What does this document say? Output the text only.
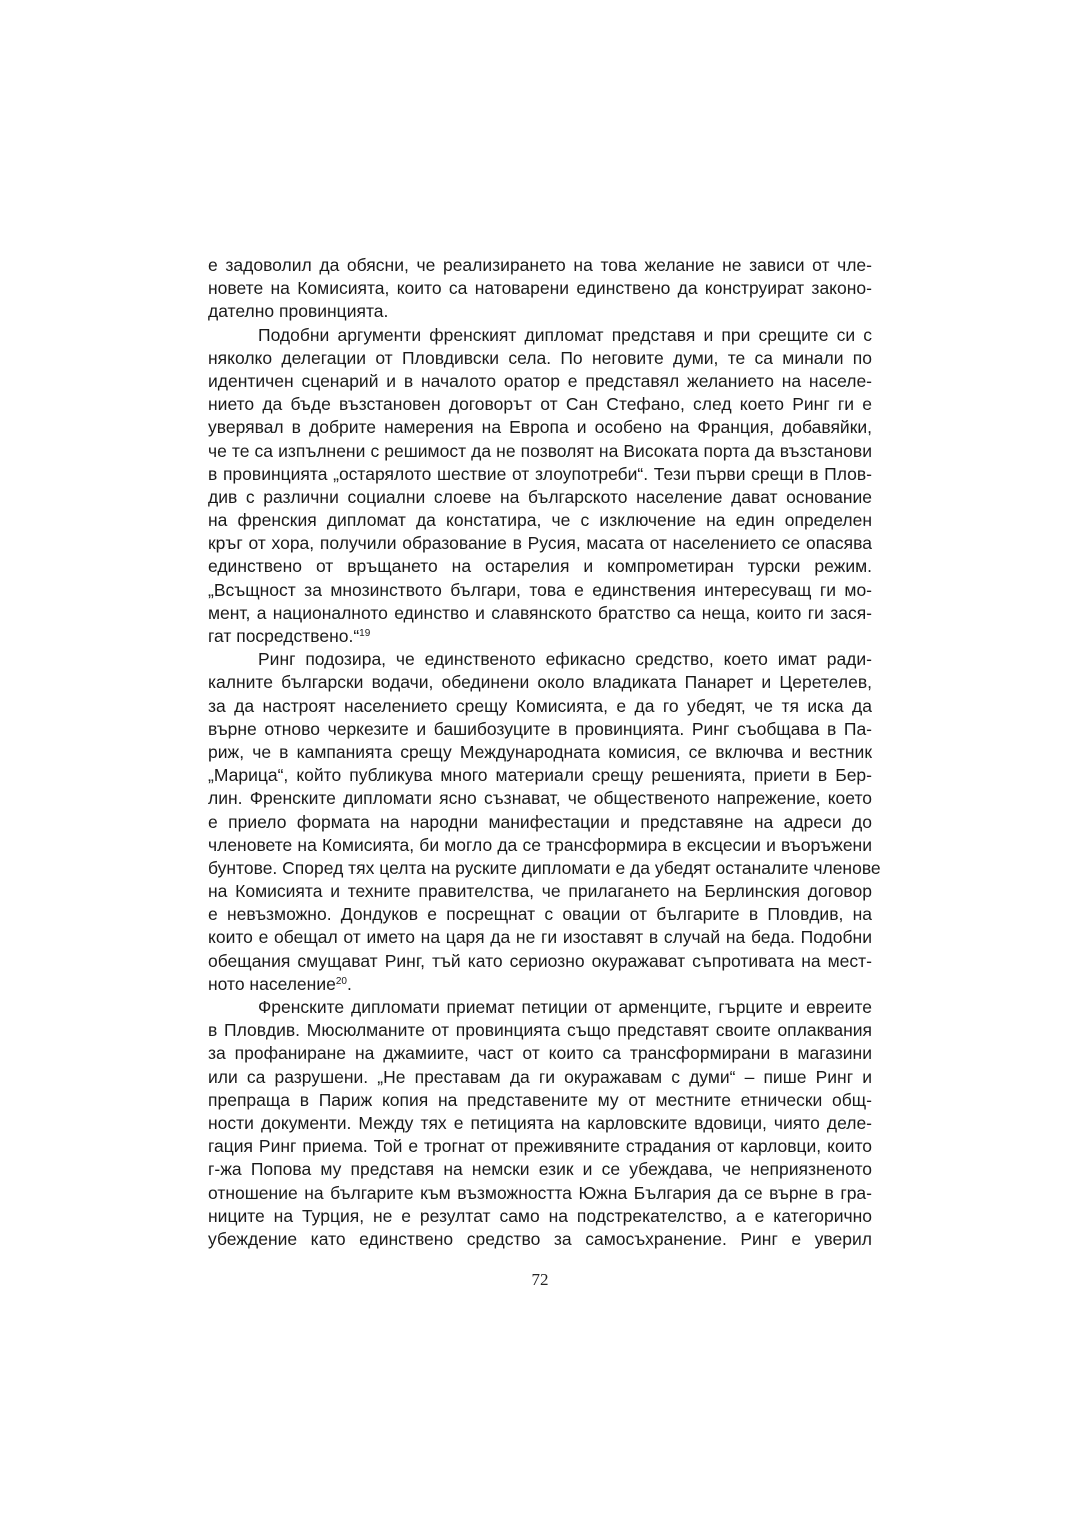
е задоволил да обясни, че реализирането на това желание не зависи от чле-
новете на Комисията, които са натоварени единствено да конструират законо-
дателно провинцията.
Подобни аргументи френският дипломат представя и при срещите си с
няколко делегации от Пловдивски села. По неговите думи, те са минали по
идентичен сценарий и в началото оратор е представял желанието на населе-
нието да бъде възстановен договорът от Сан Стефано, след което Ринг ги е
уверявал в добрите намерения на Европа и особено на Франция, добавяйки,
че те са изпълнени с решимост да не позволят на Високата порта да възстанови
в провинцията „остарялото шествие от злоупотреби“. Тези първи срещи в Плов-
див с различни социални слоеве на българското население дават основание
на френския дипломат да констатира, че с изключение на един определен
кръг от хора, получили образование в Русия, масата от населението се опасява
единствено от връщането на остарелия и компрометиран турски режим.
„Всъщност за мнозинството българи, това е единствения интересуващ ги мо-
мент, а националното единство и славянското братство са неща, които ги зася-
гат посредствено.“$^{19}$
Ринг подозира, че единственото ефикасно средство, което имат ради-
калните български водачи, обединени около владиката Панарет и Церетелев,
за да настроят населението срещу Комисията, е да го убедят, че тя иска да
върне отново черкезите и башибозуците в провинцията. Ринг съобщава в Па-
риж, че в кампанията срещу Международната комисия, се включва и вестник
„Марица“, който публикува много материали срещу решенията, приети в Бер-
лин. Френските дипломати ясно съзнават, че общественото напрежение, което
е приело формата на народни манифестации и представяне на адреси до
членовете на Комисията, би могло да се трансформира в ексцесии и въоръжени
бунтове. Според тях целта на руските дипломати е да убедят останалите членове
на Комисията и техните правителства, че прилагането на Берлинския договор
е невъзможно. Дондуков е посрещнат с овации от българите в Пловдив, на
които е обещал от името на царя да не ги изоставят в случай на беда. Подобни
обещания смущават Ринг, тъй като сериозно окуражават съпротивата на мест-
ното население$^{20}$.
Френските дипломати приемат петиции от арменците, гърците и евреите
в Пловдив. Мюсюлманите от провинцията също представят своите оплаквания
за профаниране на джамиите, част от които са трансформирани в магазини
или са разрушени. „Не преставам да ги окуражавам с думи“ – пише Ринг и
препраща в Париж копия на представените му от местните етнически общ-
ности документи. Между тях е петицията на карловските вдовици, чиято деле-
гация Ринг приема. Той е трогнат от преживяните страдания от карловци, които
г-жа Попова му представя на немски език и се убеждава, че неприязненото
отношение на българите към възможността Южна България да се върне в гра-
ниците на Турция, не е резултат само на подстрекателство, а е категорично
убеждение като единствено средство за самосъхранение. Ринг е уверил
72
